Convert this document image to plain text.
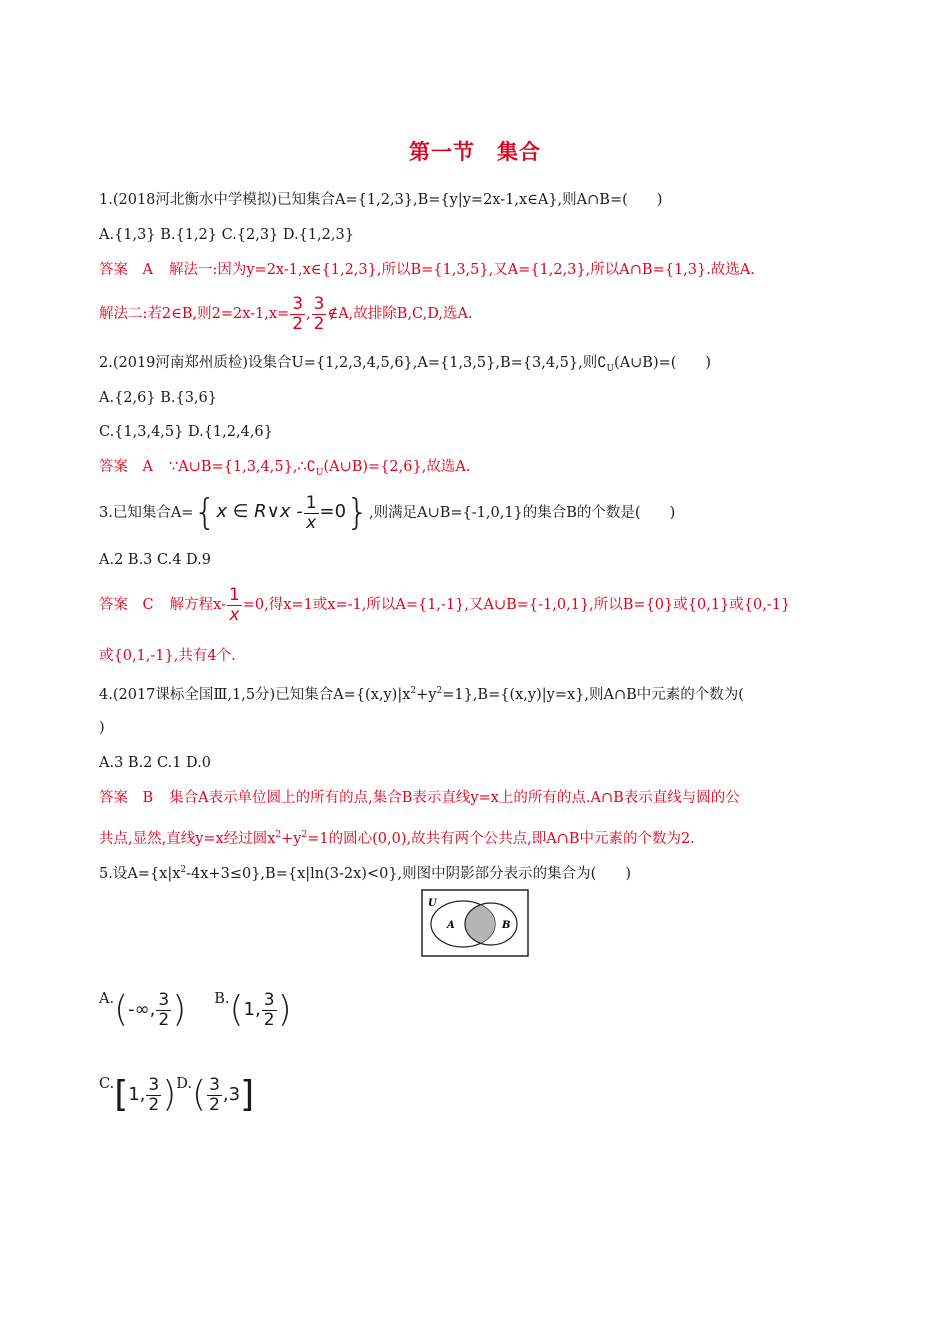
第一节　集合
1.(2018河北衡水中学模拟)已知集合A={1,2,3},B={y|y=2x-1,x∈A},则A∩B=(　　)
A.{1,3} B.{1,2} C.{2,3} D.{1,2,3}
答案　A 解法一:因为y=2x-1,x∈{1,2,3},所以B={1,3,5},又A={1,2,3},所以A∩B={1,3}.故选A.
解法二:若2∈B,则$2=2x-1,x= \frac{3}{2}$ , $\frac{3}{2}$ ∉A,故排除B,C,D,选A.
2.(2019河南郑州质检)设集合U={1,2,3,4,5,6},A={1,3,5},B={3,4,5},则$∁_U(A\cup B)=$(　　)
A.{2,6} B.{3,6}
C.{1,3,4,5} D.{1,2,4,6}
答案　A $\because A\cup B=\{1,3,4,5\},\therefore∁_U(A\cup B)=\{2,6\}$,故选A.
3.已知集合A={x ∈ R∨x - $\frac{1}{x} =0$},则满足A∪B={-1,0,1}的集合B的个数是(　　)
A.2 B.3 C.4 D.9
答案　C 解方程$x- \frac{1}{x} =0$,得x=1或x=-1,所以A={1,-1},又A∪B={-1,0,1},所以B={0}或{0,1}或{0,-1}
或{0,1,-1},共有4个.
4.(2017课标全国Ⅲ,1,5分)已知集合$A=\{(x,y)|x^2+y^2=1\},B=\{(x,y)|y=x\}$,则A∩B中元素的个数为(
)
A.3 B.2 C.1 D.0
答案　B 集合A表示单位圆上的所有的点,集合B表示直线y=x上的所有的点.A∩B表示直线与圆的公
共点,显然,直线y=x经过圆$x^2+y^2=1$的圆心(0,0),故共有两个公共点,即A∩B中元素的个数为2.
5.设$A=\{x|x^2-4x+3\le 0\},B=\{x|\ln(3-2x)<0\}$,则图中阴影部分表示的集合为(　　)
U
A	B
A.(-∞, $\frac{3}{2}$ ) B.(1, $\frac{3}{2}$ )
C.[1, $\frac{3}{2} )D.( \frac{3}{2} ,3]$
